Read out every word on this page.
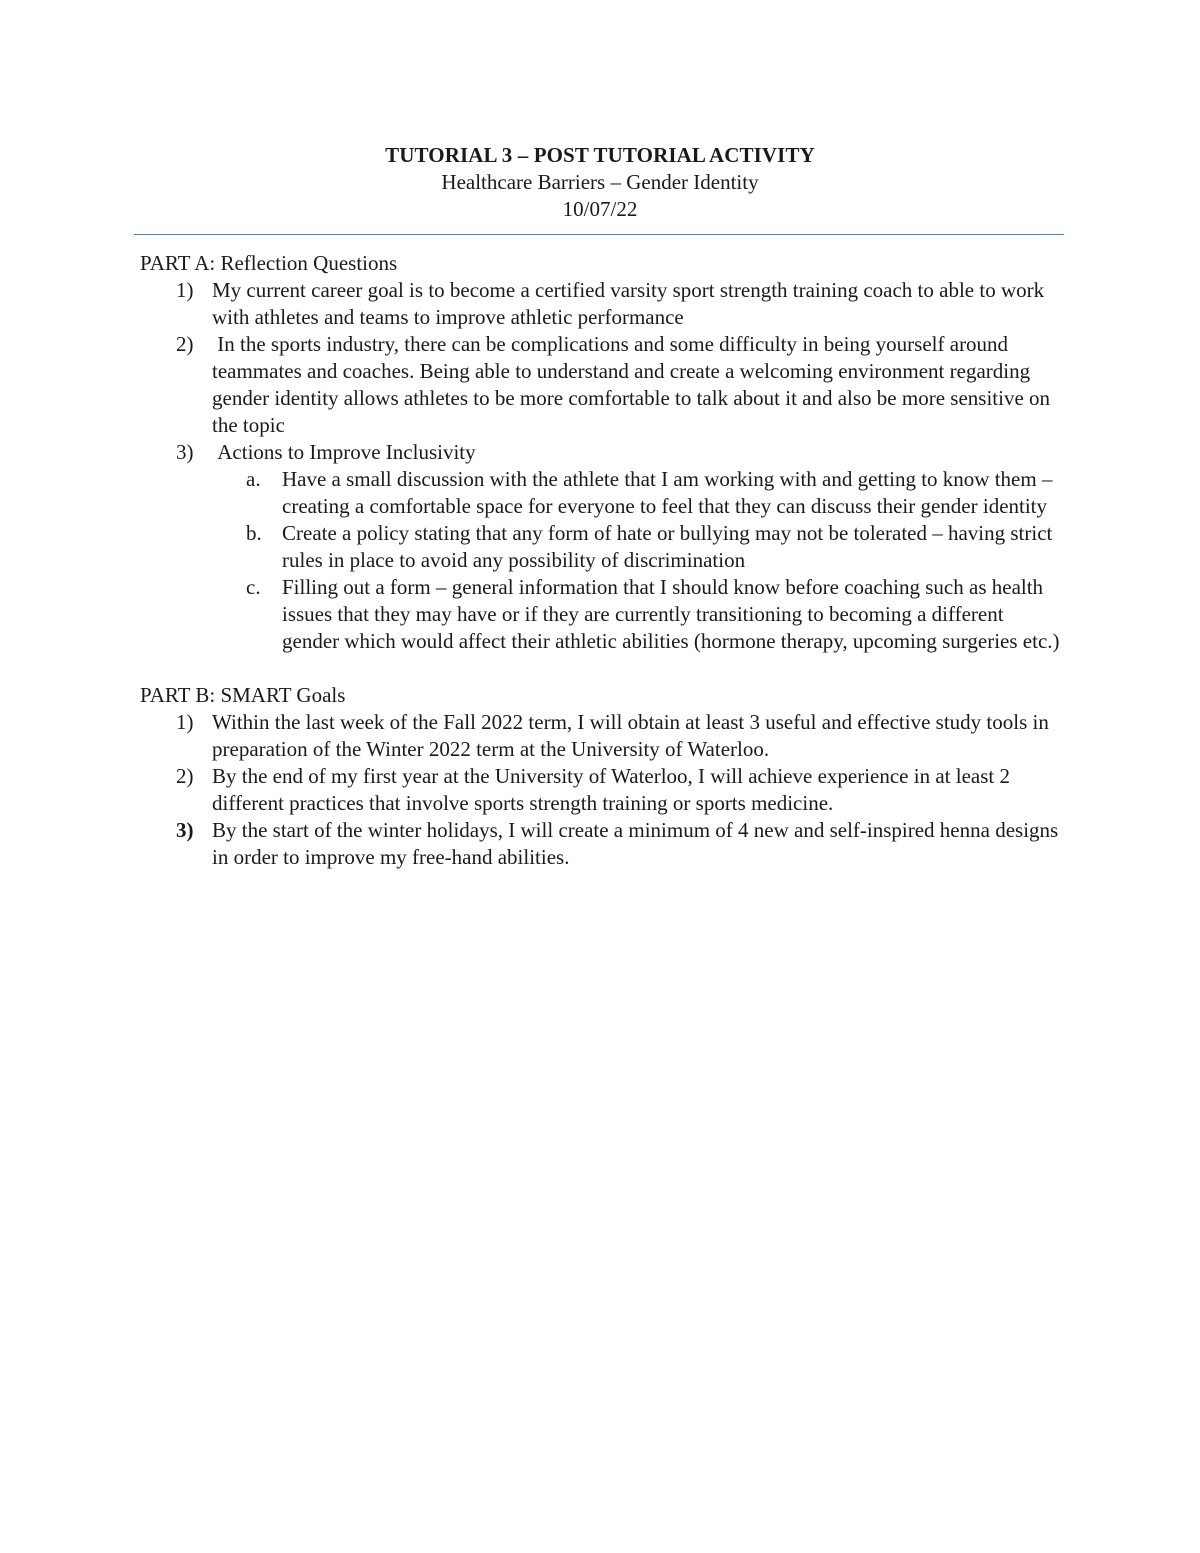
TUTORIAL 3 – POST TUTORIAL ACTIVITY
Healthcare Barriers – Gender Identity
10/07/22
PART A: Reflection Questions
1) My current career goal is to become a certified varsity sport strength training coach to able to work with athletes and teams to improve athletic performance
2) In the sports industry, there can be complications and some difficulty in being yourself around teammates and coaches. Being able to understand and create a welcoming environment regarding gender identity allows athletes to be more comfortable to talk about it and also be more sensitive on the topic
3) Actions to Improve Inclusivity
a. Have a small discussion with the athlete that I am working with and getting to know them – creating a comfortable space for everyone to feel that they can discuss their gender identity
b. Create a policy stating that any form of hate or bullying may not be tolerated – having strict rules in place to avoid any possibility of discrimination
c. Filling out a form – general information that I should know before coaching such as health issues that they may have or if they are currently transitioning to becoming a different gender which would affect their athletic abilities (hormone therapy, upcoming surgeries etc.)
PART B: SMART Goals
1) Within the last week of the Fall 2022 term, I will obtain at least 3 useful and effective study tools in preparation of the Winter 2022 term at the University of Waterloo.
2) By the end of my first year at the University of Waterloo, I will achieve experience in at least 2 different practices that involve sports strength training or sports medicine.
3) By the start of the winter holidays, I will create a minimum of 4 new and self-inspired henna designs in order to improve my free-hand abilities.
